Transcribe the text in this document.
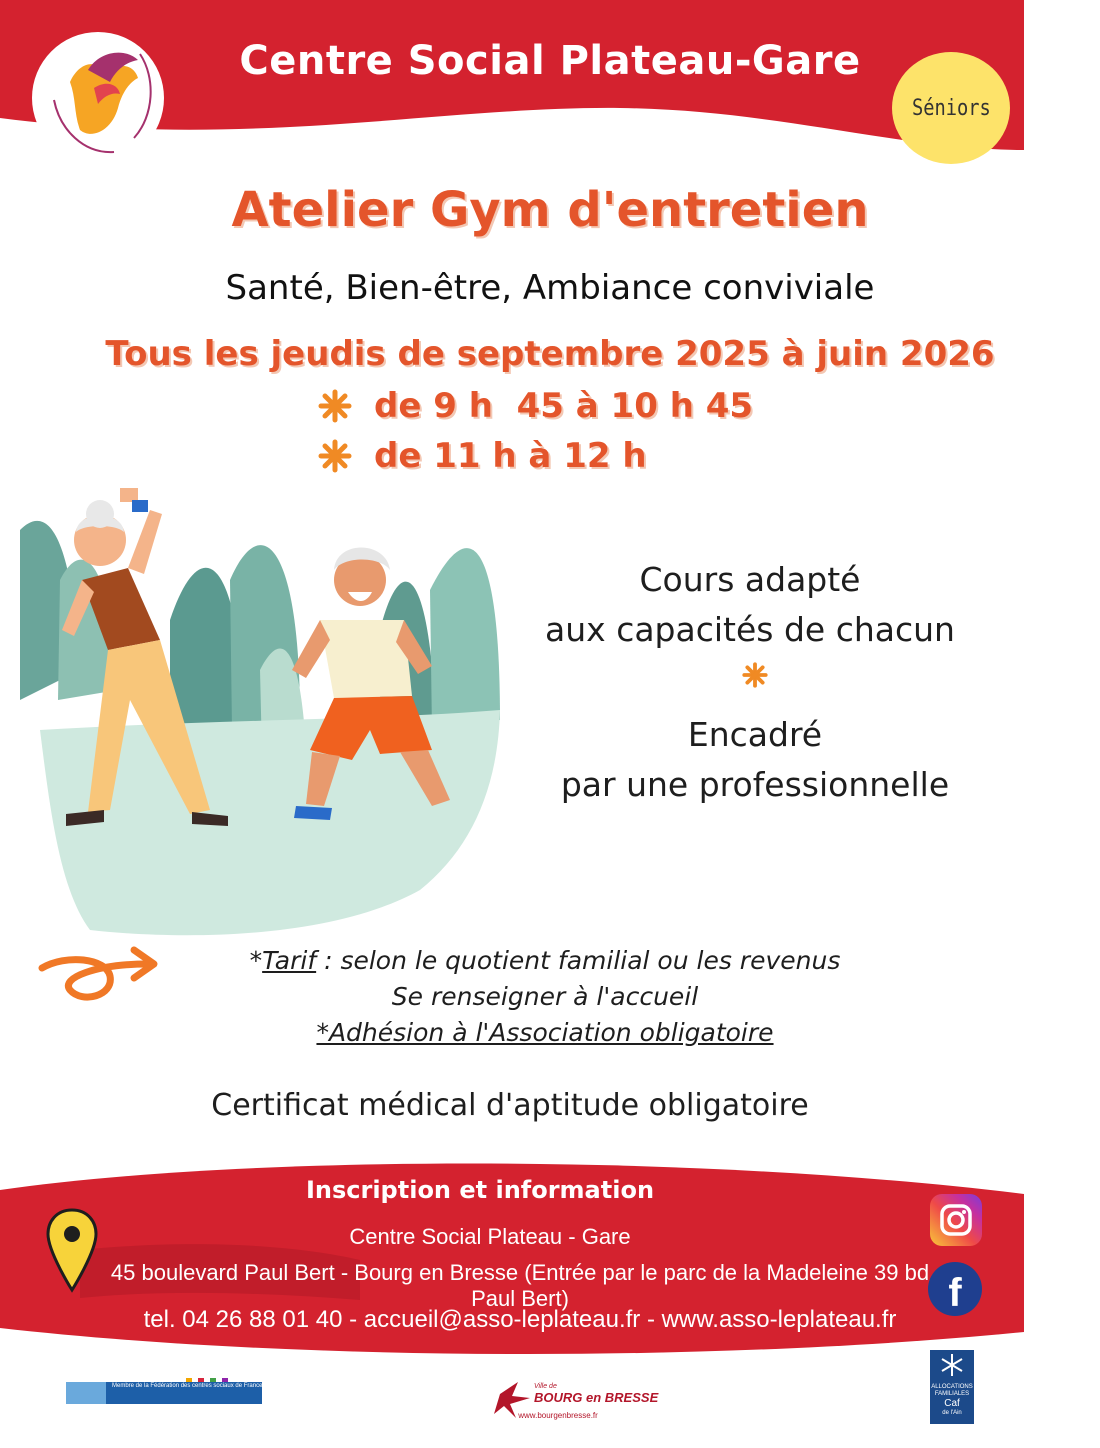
Centre Social Plateau-Gare
Séniors
Atelier Gym d'entretien
Santé, Bien-être, Ambiance conviviale
Tous les jeudis de septembre 2025 à juin 2026
de 9 h  45 à 10 h 45
de 11 h à 12 h
Cours adapté
aux capacités de chacun
Encadré
par une professionnelle
*Tarif : selon le quotient familial ou les revenus
Se renseigner à l'accueil
*Adhésion à l'Association obligatoire
Certificat médical d'aptitude obligatoire
Inscription et information
Centre Social Plateau - Gare
45 boulevard Paul Bert - Bourg en Bresse (Entrée par le parc de la Madeleine 39 bd Paul Bert)
tel. 04 26 88 01 40 - accueil@asso-leplateau.fr - www.asso-leplateau.fr
f
Membre de la Fédération des centres sociaux de France	Ville de
BOURG en BRESSE
www.bourgenbresse.fr
ALLOCATIONS FAMILIALES
Caf
de l'Ain
